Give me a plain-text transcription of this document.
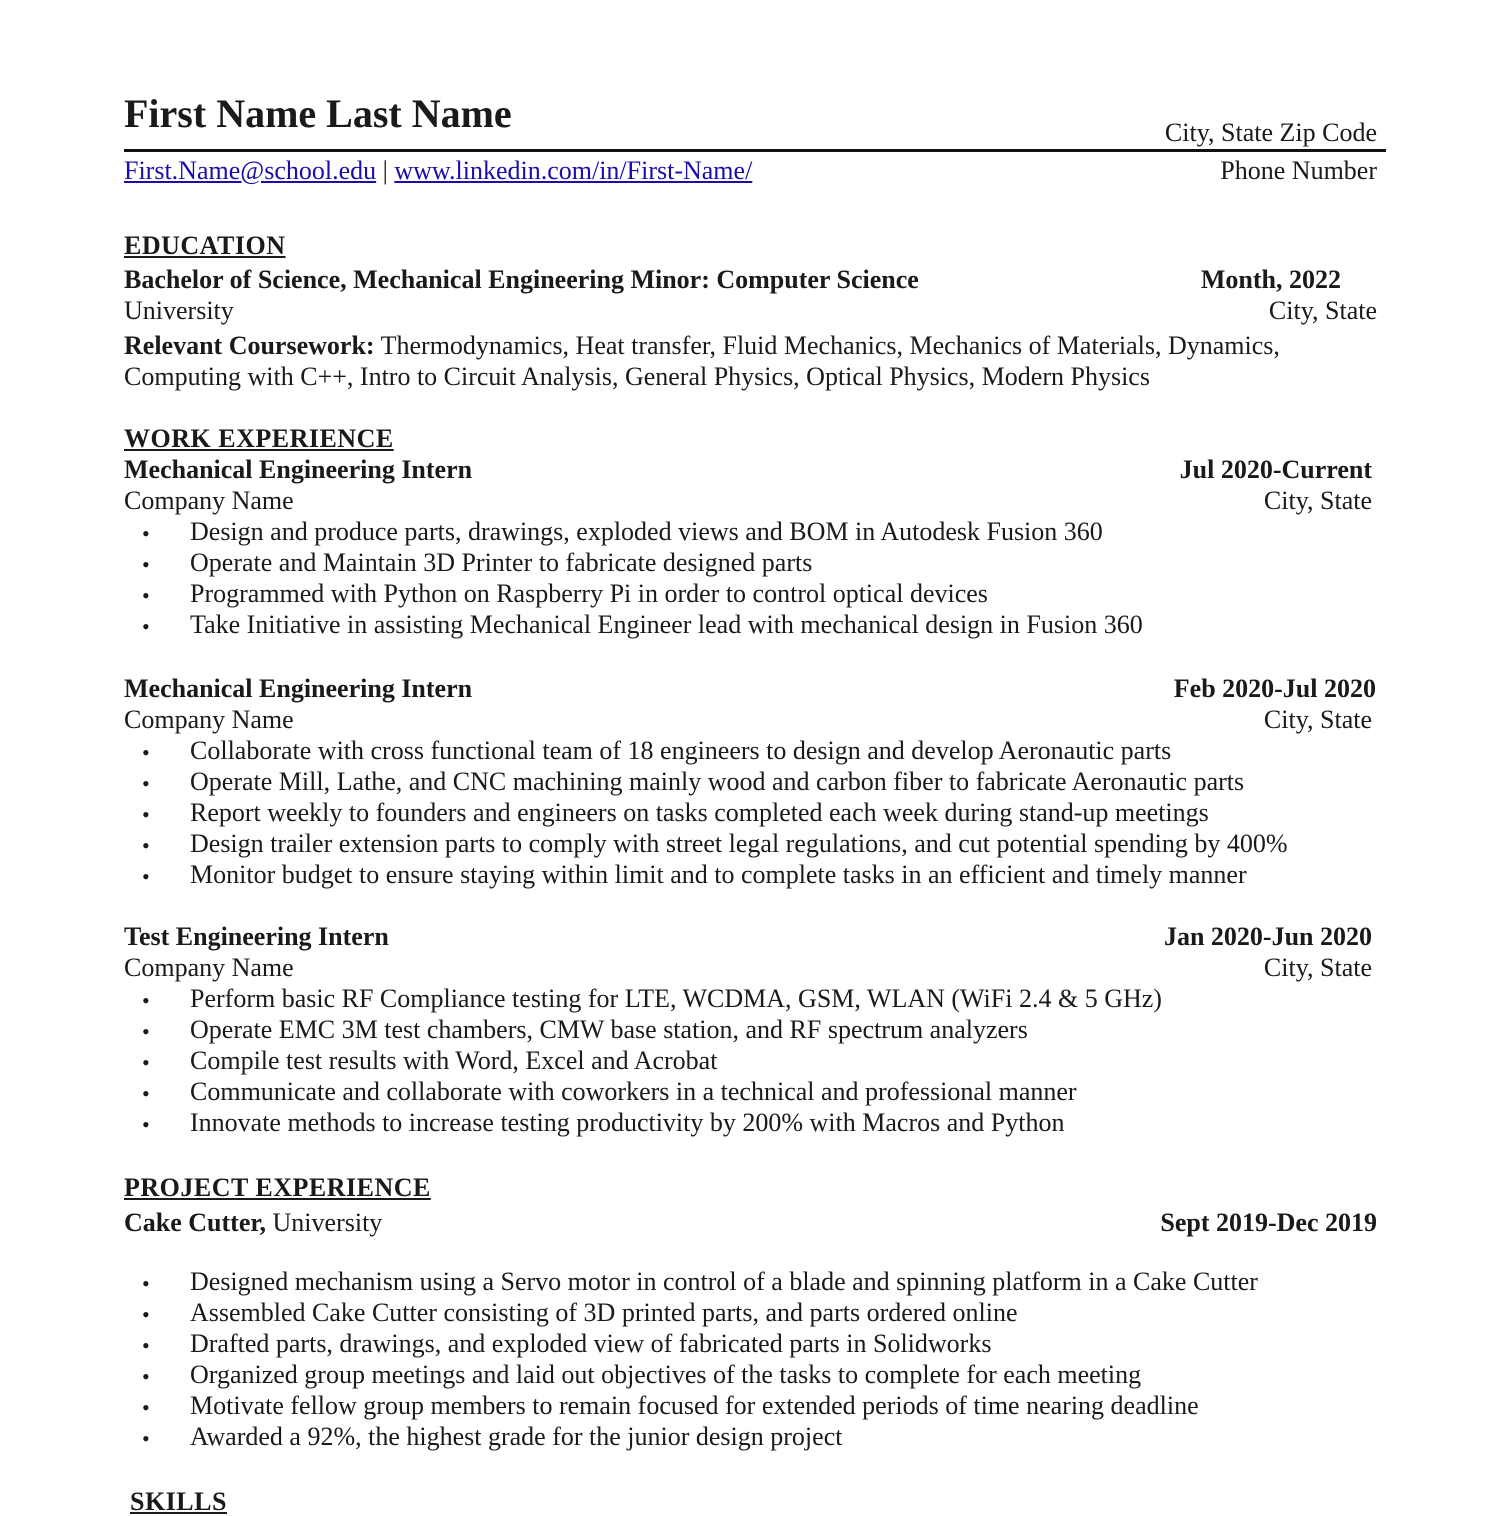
First Name Last Name	City, State Zip Code
First.Name@school.edu | www.linkedin.com/in/First-Name/	Phone Number
EDUCATION
Bachelor of Science, Mechanical Engineering Minor: Computer Science	Month, 2022
University	City, State
Relevant Coursework: Thermodynamics, Heat transfer, Fluid Mechanics, Mechanics of Materials, Dynamics,
Computing with C++, Intro to Circuit Analysis, General Physics, Optical Physics, Modern Physics
WORK EXPERIENCE
Mechanical Engineering Intern	Jul 2020-Current
Company Name	City, State
• Design and produce parts, drawings, exploded views and BOM in Autodesk Fusion 360
• Operate and Maintain 3D Printer to fabricate designed parts
• Programmed with Python on Raspberry Pi in order to control optical devices
• Take Initiative in assisting Mechanical Engineer lead with mechanical design in Fusion 360
Mechanical Engineering Intern	Feb 2020-Jul 2020
Company Name	City, State
• Collaborate with cross functional team of 18 engineers to design and develop Aeronautic parts
• Operate Mill, Lathe, and CNC machining mainly wood and carbon fiber to fabricate Aeronautic parts
• Report weekly to founders and engineers on tasks completed each week during stand-up meetings
• Design trailer extension parts to comply with street legal regulations, and cut potential spending by 400%
• Monitor budget to ensure staying within limit and to complete tasks in an efficient and timely manner
Test Engineering Intern	Jan 2020-Jun 2020
Company Name	City, State
• Perform basic RF Compliance testing for LTE, WCDMA, GSM, WLAN (WiFi 2.4 & 5 GHz)
• Operate EMC 3M test chambers, CMW base station, and RF spectrum analyzers
• Compile test results with Word, Excel and Acrobat
• Communicate and collaborate with coworkers in a technical and professional manner
• Innovate methods to increase testing productivity by 200% with Macros and Python
PROJECT EXPERIENCE
Cake Cutter, University	Sept 2019-Dec 2019
• Designed mechanism using a Servo motor in control of a blade and spinning platform in a Cake Cutter
• Assembled Cake Cutter consisting of 3D printed parts, and parts ordered online
• Drafted parts, drawings, and exploded view of fabricated parts in Solidworks
• Organized group meetings and laid out objectives of the tasks to complete for each meeting
• Motivate fellow group members to remain focused for extended periods of time nearing deadline
• Awarded a 92%, the highest grade for the junior design project
SKILLS
